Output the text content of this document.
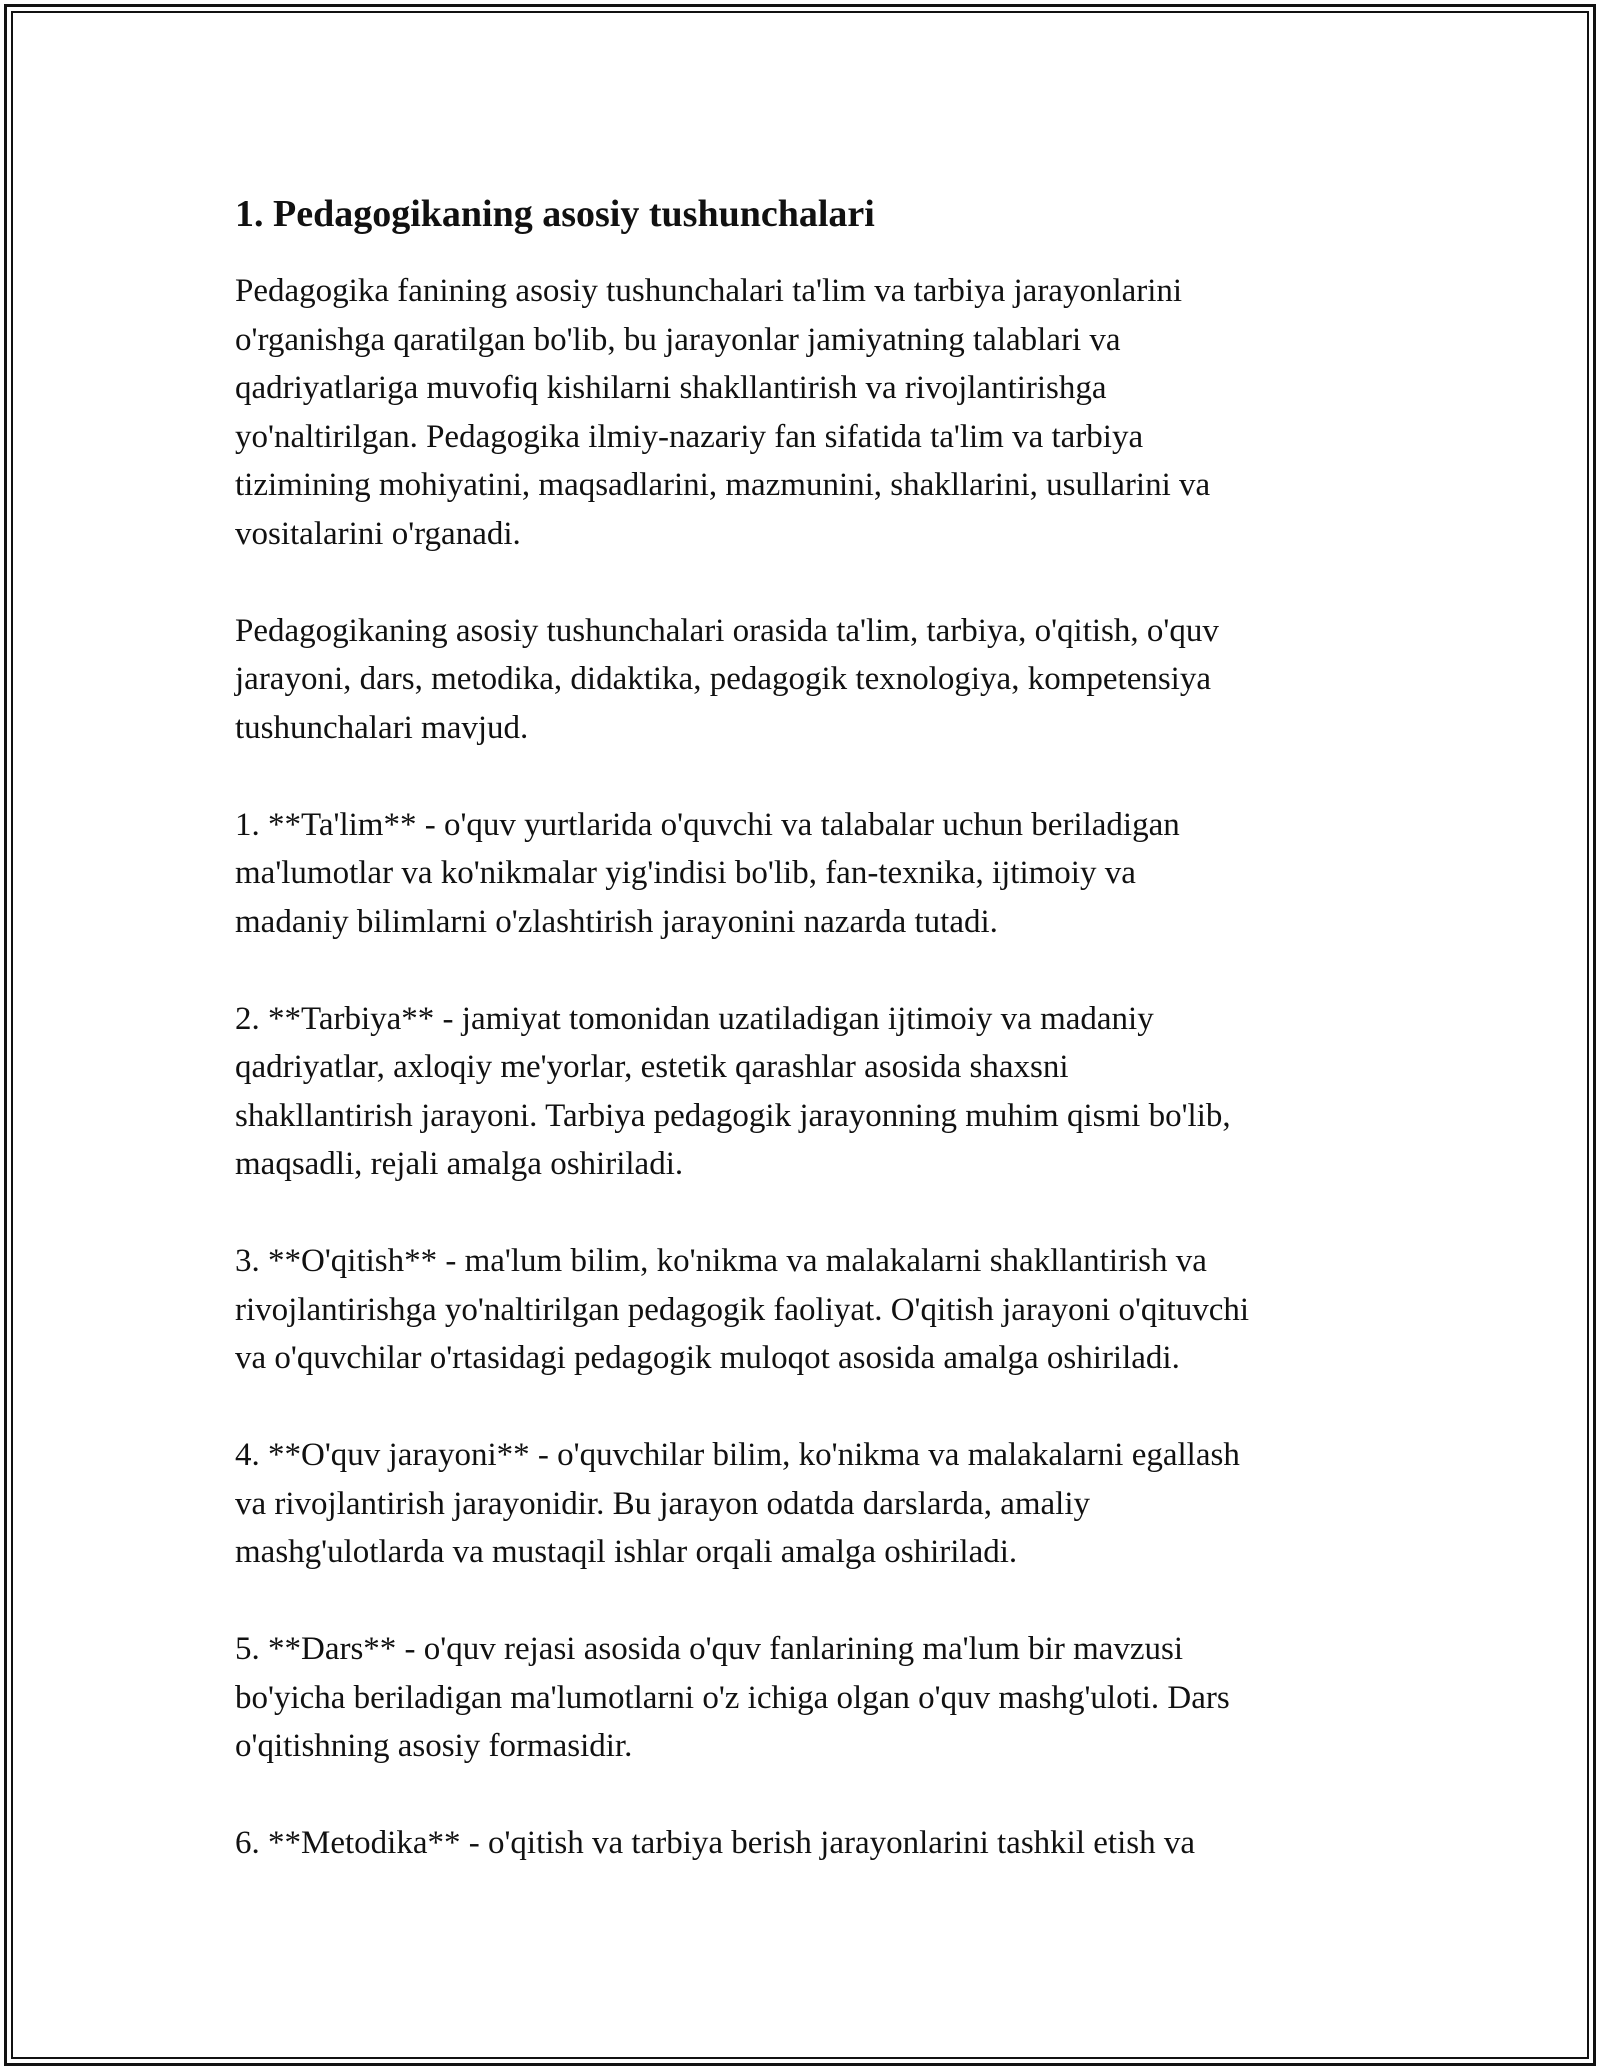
1. Pedagogikaning asosiy tushunchalari

Pedagogika fanining asosiy tushunchalari ta'lim va tarbiya jarayonlarini
o'rganishga qaratilgan bo'lib, bu jarayonlar jamiyatning talablari va
qadriyatlariga muvofiq kishilarni shakllantirish va rivojlantirishga
yo'naltirilgan. Pedagogika ilmiy-nazariy fan sifatida ta'lim va tarbiya
tizimining mohiyatini, maqsadlarini, mazmunini, shakllarini, usullarini va
vositalarini o'rganadi.

Pedagogikaning asosiy tushunchalari orasida ta'lim, tarbiya, o'qitish, o'quv
jarayoni, dars, metodika, didaktika, pedagogik texnologiya, kompetensiya
tushunchalari mavjud.

1. **Ta'lim** - o'quv yurtlarida o'quvchi va talabalar uchun beriladigan
ma'lumotlar va ko'nikmalar yig'indisi bo'lib, fan-texnika, ijtimoiy va
madaniy bilimlarni o'zlashtirish jarayonini nazarda tutadi.

2. **Tarbiya** - jamiyat tomonidan uzatiladigan ijtimoiy va madaniy
qadriyatlar, axloqiy me'yorlar, estetik qarashlar asosida shaxsni
shakllantirish jarayoni. Tarbiya pedagogik jarayonning muhim qismi bo'lib,
maqsadli, rejali amalga oshiriladi.

3. **O'qitish** - ma'lum bilim, ko'nikma va malakalarni shakllantirish va
rivojlantirishga yo'naltirilgan pedagogik faoliyat. O'qitish jarayoni o'qituvchi
va o'quvchilar o'rtasidagi pedagogik muloqot asosida amalga oshiriladi.

4. **O'quv jarayoni** - o'quvchilar bilim, ko'nikma va malakalarni egallash
va rivojlantirish jarayonidir. Bu jarayon odatda darslarda, amaliy
mashg'ulotlarda va mustaqil ishlar orqali amalga oshiriladi.

5. **Dars** - o'quv rejasi asosida o'quv fanlarining ma'lum bir mavzusi
bo'yicha beriladigan ma'lumotlarni o'z ichiga olgan o'quv mashg'uloti. Dars
o'qitishning asosiy formasidir.

6. **Metodika** - o'qitish va tarbiya berish jarayonlarini tashkil etish va
